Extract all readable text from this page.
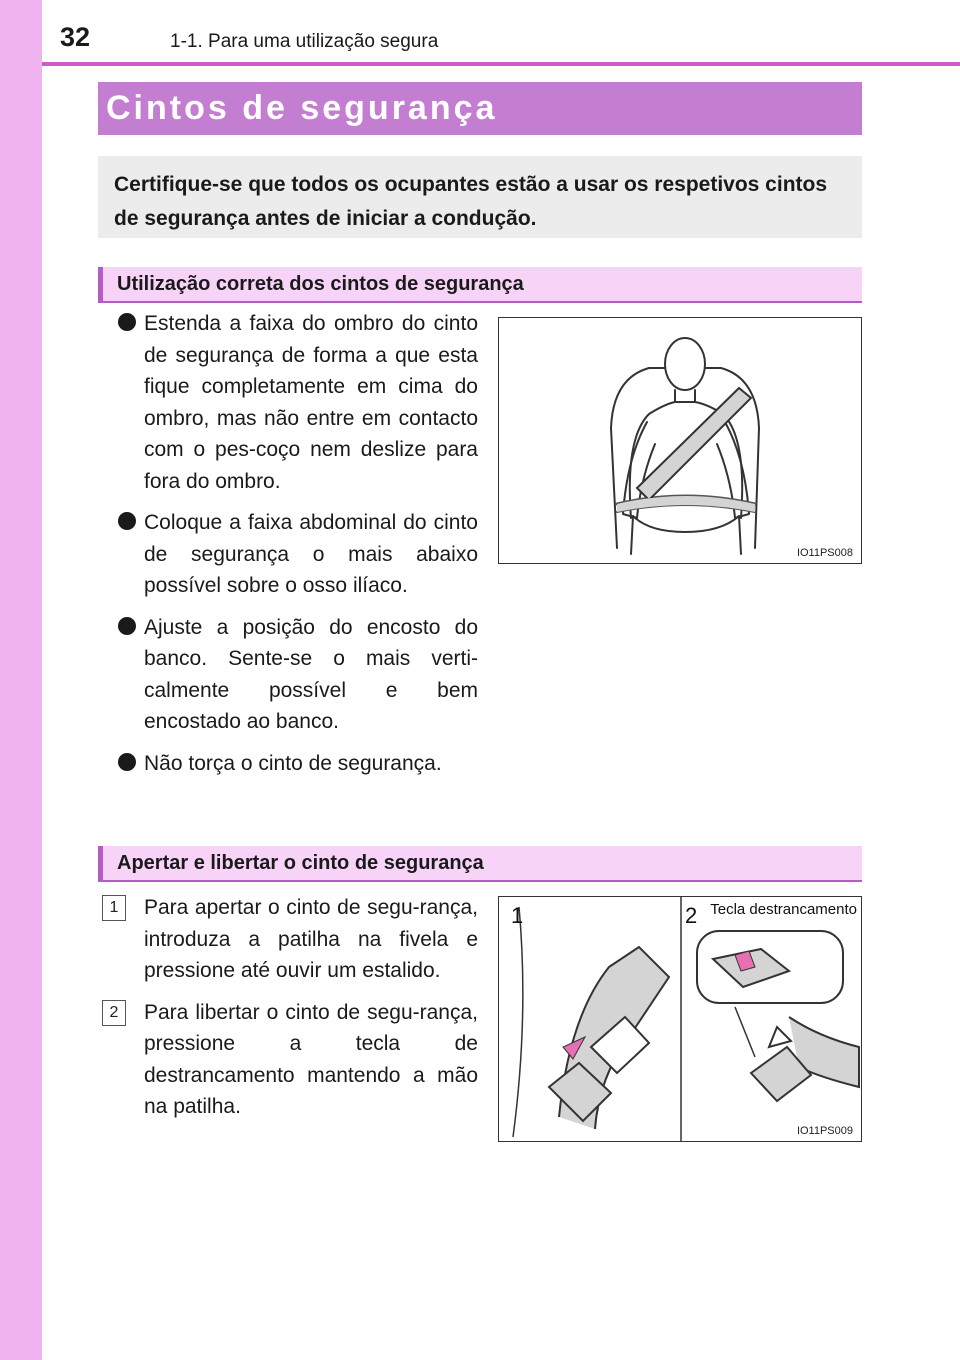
32	1-1. Para uma utilização segura
Cintos de segurança
Certifique-se que todos os ocupantes estão a usar os respetivos cintos de segurança antes de iniciar a condução.
Utilização correta dos cintos de segurança
Estenda a faixa do ombro do cinto de segurança de forma a que esta fique completamente em cima do ombro, mas não entre em contacto com o pes-coço nem deslize para fora do ombro.
Coloque a faixa abdominal do cinto de segurança o mais abaixo possível sobre o osso ilíaco.
Ajuste a posição do encosto do banco. Sente-se o mais verti-calmente possível e bem encostado ao banco.
Não torça o cinto de segurança.
IO11PS008
Apertar e libertar o cinto de segurança
1	Para apertar o cinto de segu-rança, introduza a patilha na fivela e pressione até ouvir um estalido.
2	Para libertar o cinto de segu-rança, pressione a tecla de destrancamento mantendo a mão na patilha.
1	2 Tecla destrancamento
IO11PS009
